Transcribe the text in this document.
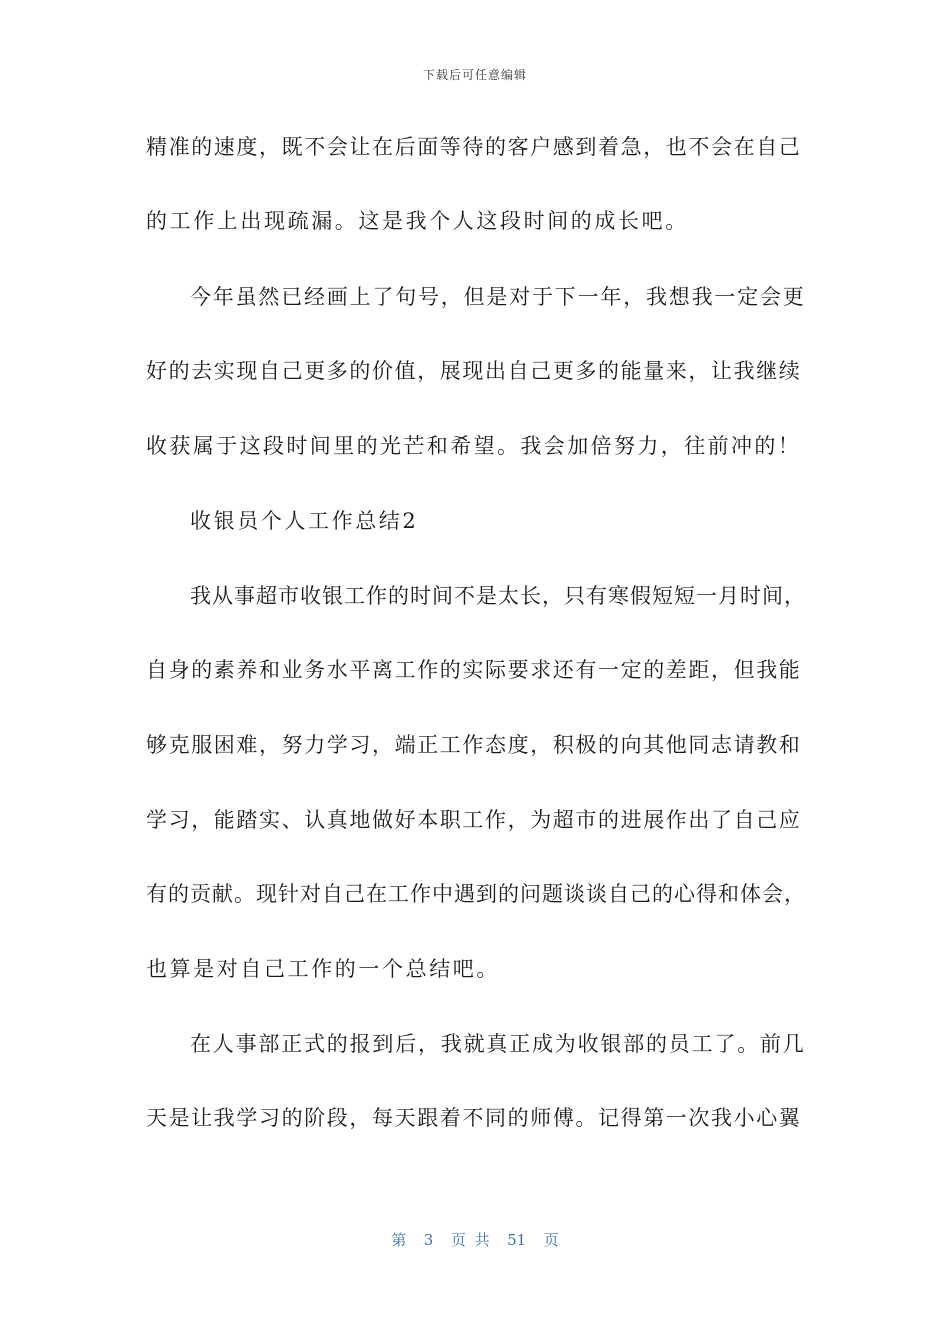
下载后可任意编辑
精准的速度，既不会让在后面等待的客户感到着急，也不会在自己
的工作上出现疏漏。这是我个人这段时间的成长吧。
今年虽然已经画上了句号，但是对于下一年，我想我一定会更
好的去实现自己更多的价值，展现出自己更多的能量来，让我继续
收获属于这段时间里的光芒和希望。我会加倍努力，往前冲的！
收银员个人工作总结2
我从事超市收银工作的时间不是太长，只有寒假短短一月时间，
自身的素养和业务水平离工作的实际要求还有一定的差距，但我能
够克服困难，努力学习，端正工作态度，积极的向其他同志请教和
学习，能踏实、认真地做好本职工作，为超市的进展作出了自己应
有的贡献。现针对自己在工作中遇到的问题谈谈自己的心得和体会，
也算是对自己工作的一个总结吧。
在人事部正式的报到后，我就真正成为收银部的员工了。前几
天是让我学习的阶段，每天跟着不同的师傅。记得第一次我小心翼
第  3  页 共  51  页
